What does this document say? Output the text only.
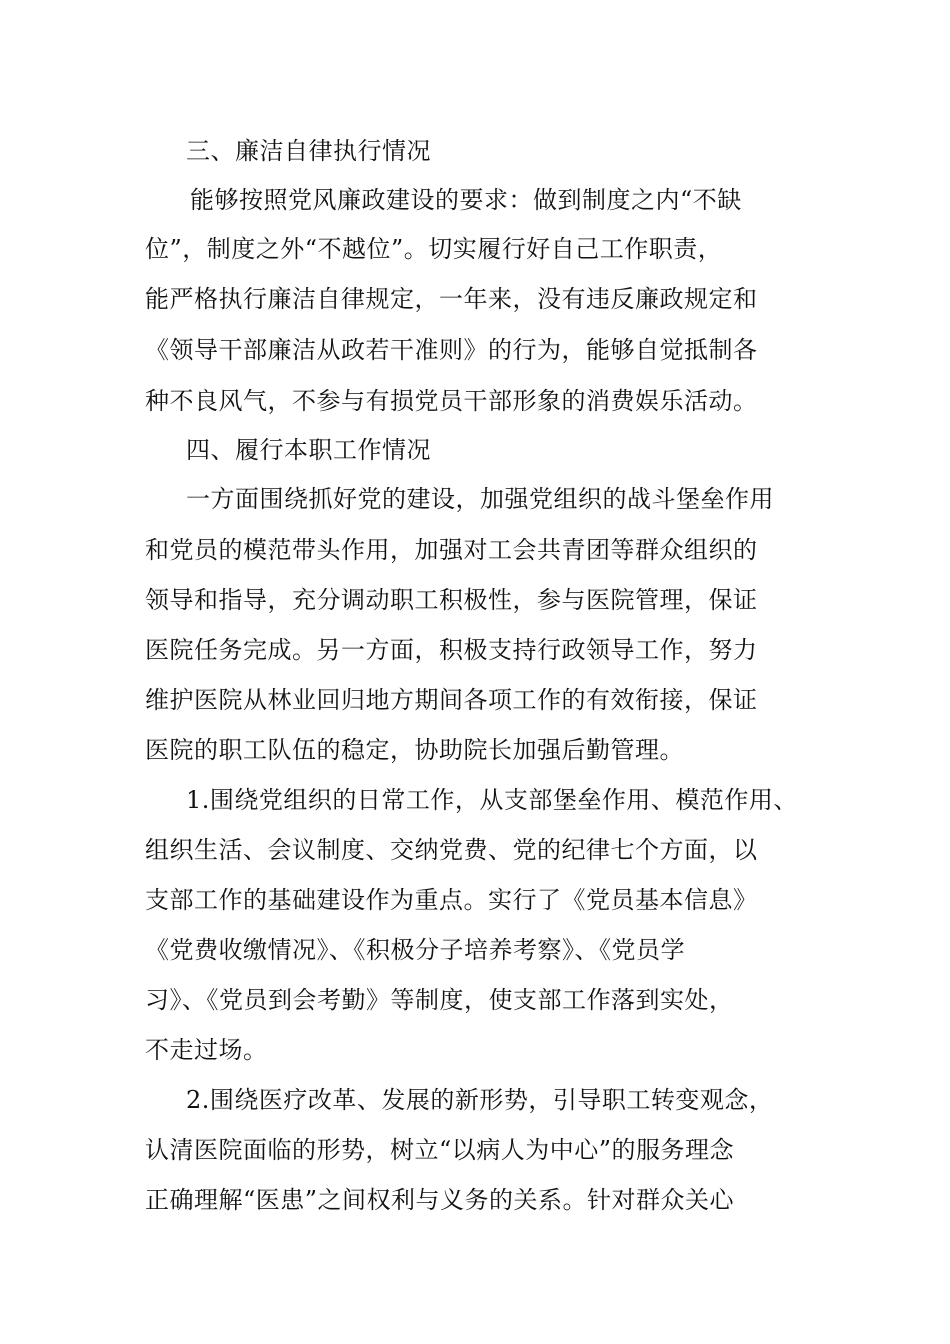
三、廉洁自律执行情况
能够按照党风廉政建设的要求：做到制度之内“不缺
位”，制度之外“不越位”。切实履行好自己工作职责，
能严格执行廉洁自律规定，一年来，没有违反廉政规定和
《领导干部廉洁从政若干准则》的行为，能够自觉抵制各
种不良风气，不参与有损党员干部形象的消费娱乐活动。
四、履行本职工作情况
一方面围绕抓好党的建设，加强党组织的战斗堡垒作用
和党员的模范带头作用，加强对工会共青团等群众组织的
领导和指导，充分调动职工积极性，参与医院管理，保证
医院任务完成。另一方面，积极支持行政领导工作，努力
维护医院从林业回归地方期间各项工作的有效衔接，保证
医院的职工队伍的稳定，协助院长加强后勤管理。
1.围绕党组织的日常工作，从支部堡垒作用、模范作用、
组织生活、会议制度、交纳党费、党的纪律七个方面，以
支部工作的基础建设作为重点。实行了《党员基本信息》
《党费收缴情况》、《积极分子培养考察》、《党员学
习》、《党员到会考勤》等制度，使支部工作落到实处，
不走过场。
2.围绕医疗改革、发展的新形势，引导职工转变观念，
认清医院面临的形势，树立“以病人为中心”的服务理念
正确理解“医患”之间权利与义务的关系。针对群众关心
